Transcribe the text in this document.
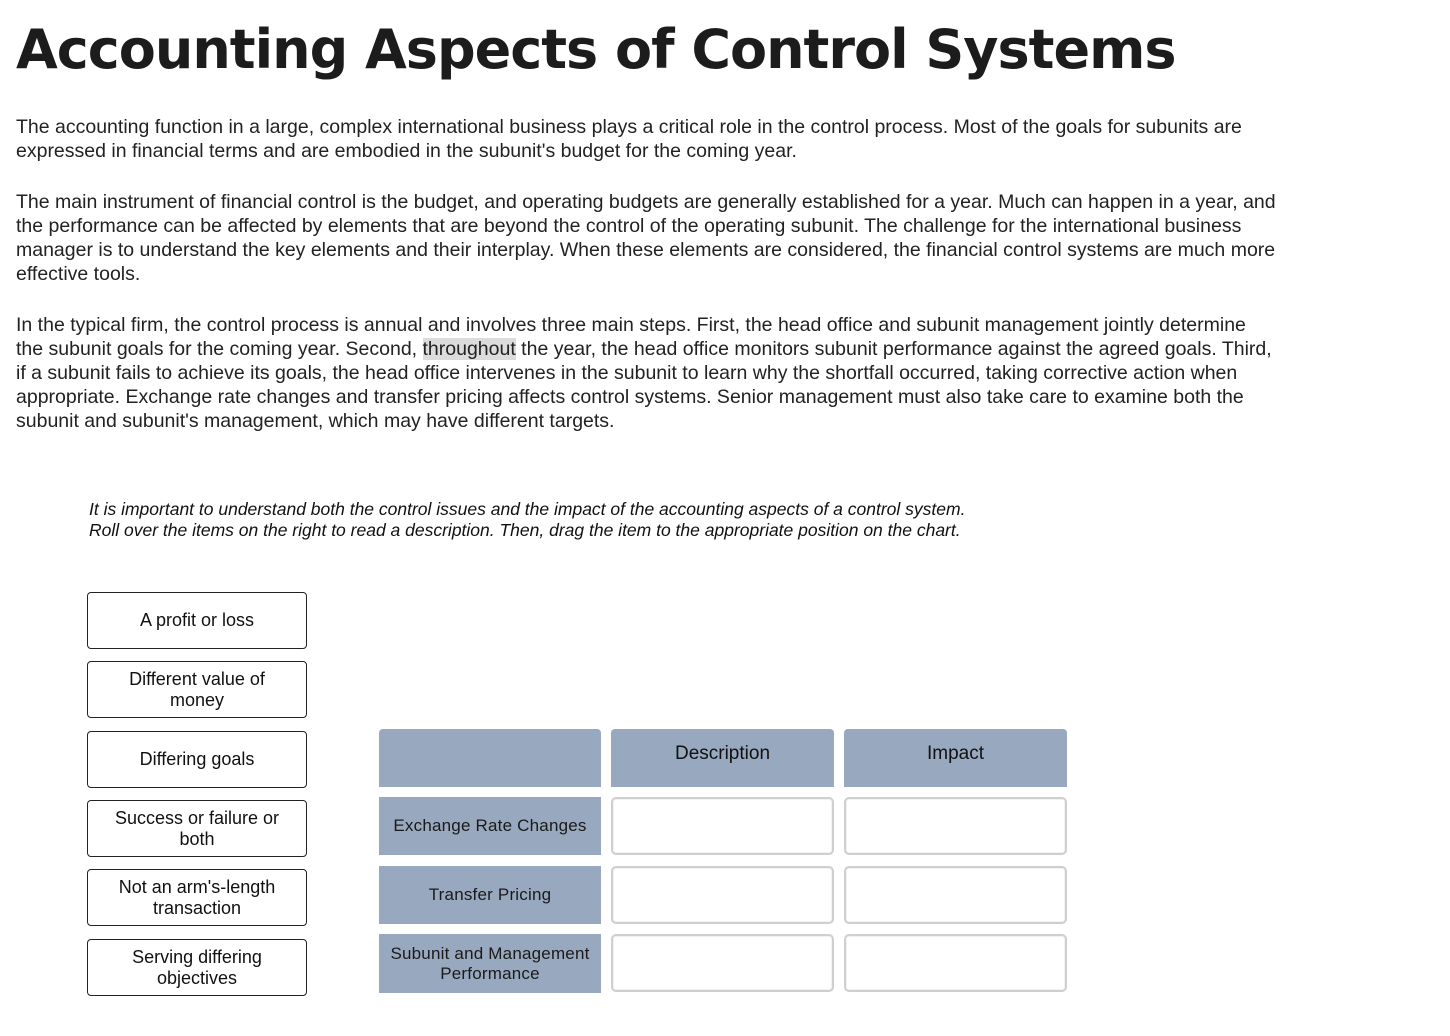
Accounting Aspects of Control Systems

The accounting function in a large, complex international business plays a critical role in the control process. Most of the goals for subunits are expressed in financial terms and are embodied in the subunit's budget for the coming year.

The main instrument of financial control is the budget, and operating budgets are generally established for a year. Much can happen in a year, and the performance can be affected by elements that are beyond the control of the operating subunit. The challenge for the international business manager is to understand the key elements and their interplay. When these elements are considered, the financial control systems are much more effective tools.

In the typical firm, the control process is annual and involves three main steps. First, the head office and subunit management jointly determine the subunit goals for the coming year. Second, throughout the year, the head office monitors subunit performance against the agreed goals. Third, if a subunit fails to achieve its goals, the head office intervenes in the subunit to learn why the shortfall occurred, taking corrective action when appropriate. Exchange rate changes and transfer pricing affects control systems. Senior management must also take care to examine both the subunit and subunit's management, which may have different targets.

It is important to understand both the control issues and the impact of the accounting aspects of a control system.
Roll over the items on the right to read a description. Then, drag the item to the appropriate position on the chart.
A profit or loss
Different value of money
Differing goals
Success or failure or both
Not an arm's-length transaction
Serving differing objectives
Description	Impact
Exchange Rate Changes
Transfer Pricing
Subunit and Management Performance
